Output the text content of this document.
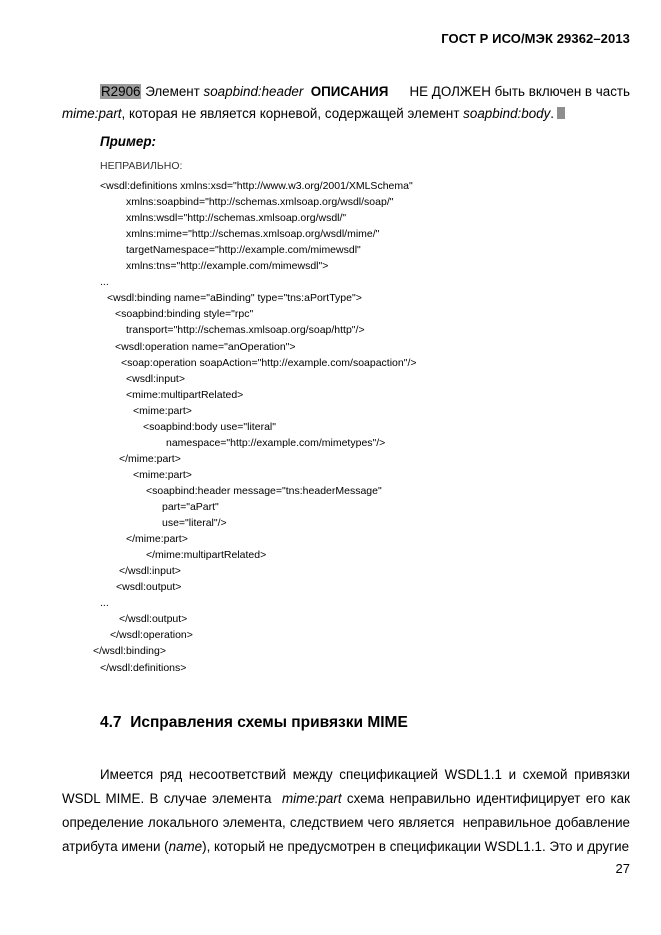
ГОСТ Р ИСО/МЭК 29362–2013
R2906 Элемент soapbind:header ОПИСАНИЯ НЕ ДОЛЖЕН быть включен в часть
mime:part, которая не является корневой, содержащей элемент soapbind:body.
Пример:
НЕПРАВИЛЬНО:
<wsdl:definitions xmlns:xsd="http://www.w3.org/2001/XMLSchema"
xmlns:soapbind="http://schemas.xmlsoap.org/wsdl/soap/"
xmlns:wsdl="http://schemas.xmlsoap.org/wsdl/"
xmlns:mime="http://schemas.xmlsoap.org/wsdl/mime/"
targetNamespace="http://example.com/mimewsdl"
xmlns:tns="http://example.com/mimewsdl">
...
<wsdl:binding name="aBinding" type="tns:aPortType">
<soapbind:binding style="rpc"
transport="http://schemas.xmlsoap.org/soap/http"/>
<wsdl:operation name="anOperation">
<soap:operation soapAction="http://example.com/soapaction"/>
<wsdl:input>
<mime:multipartRelated>
<mime:part>
<soapbind:body use="literal"
namespace="http://example.com/mimetypes"/>
</mime:part>
<mime:part>
<soapbind:header message="tns:headerMessage"
part="aPart"
use="literal"/>
</mime:part>
</mime:multipartRelated>
</wsdl:input>
<wsdl:output>
...
</wsdl:output>
</wsdl:operation>
</wsdl:binding>
</wsdl:definitions>
4.7 Исправления схемы привязки MIME
Имеется ряд несоответствий между спецификацией WSDL1.1 и схемой привязки WSDL MIME. В случае элемента  mime:part схема неправильно идентифицирует его как определение локального элемента, следствием чего является  неправильное добавление атрибута имени (name), который не предусмотрен в спецификации WSDL1.1. Это и другие
27
